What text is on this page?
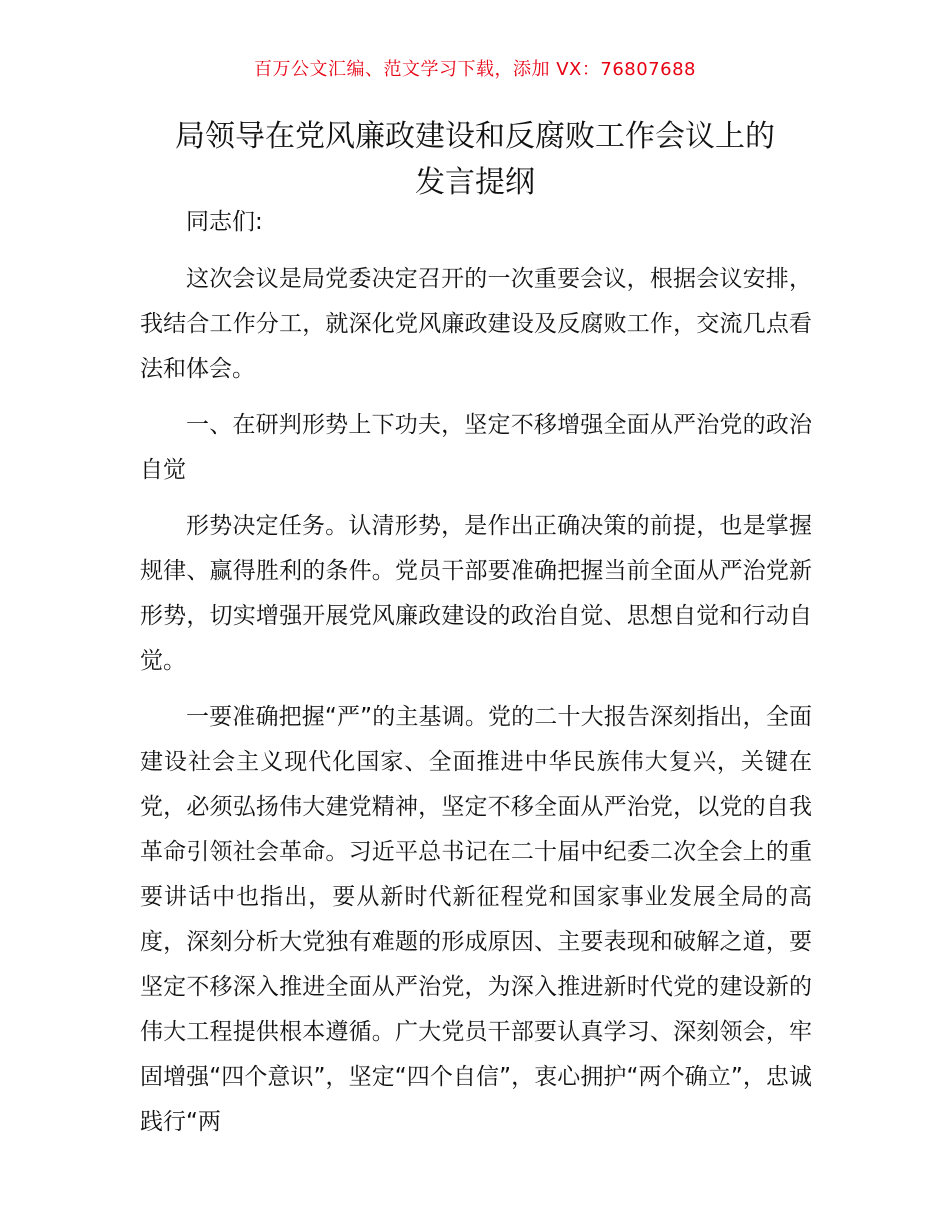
百万公文汇编、范文学习下载，添加 VX：76807688
局领导在党风廉政建设和反腐败工作会议上的
发言提纲

同志们:

这次会议是局党委决定召开的一次重要会议，根据会议安排，我结合工作分工，就深化党风廉政建设及反腐败工作，交流几点看法和体会。

一、在研判形势上下功夫，坚定不移增强全面从严治党的政治自觉

形势决定任务。认清形势，是作出正确决策的前提，也是掌握规律、赢得胜利的条件。党员干部要准确把握当前全面从严治党新形势，切实增强开展党风廉政建设的政治自觉、思想自觉和行动自觉。

一要准确把握“严”的主基调。党的二十大报告深刻指出，全面建设社会主义现代化国家、全面推进中华民族伟大复兴，关键在党，必须弘扬伟大建党精神，坚定不移全面从严治党，以党的自我革命引领社会革命。习近平总书记在二十届中纪委二次全会上的重要讲话中也指出，要从新时代新征程党和国家事业发展全局的高度，深刻分析大党独有难题的形成原因、主要表现和破解之道，要坚定不移深入推进全面从严治党，为深入推进新时代党的建设新的伟大工程提供根本遵循。广大党员干部要认真学习、深刻领会，牢固增强“四个意识”，坚定“四个自信”，衷心拥护“两个确立”，忠诚践行“两
